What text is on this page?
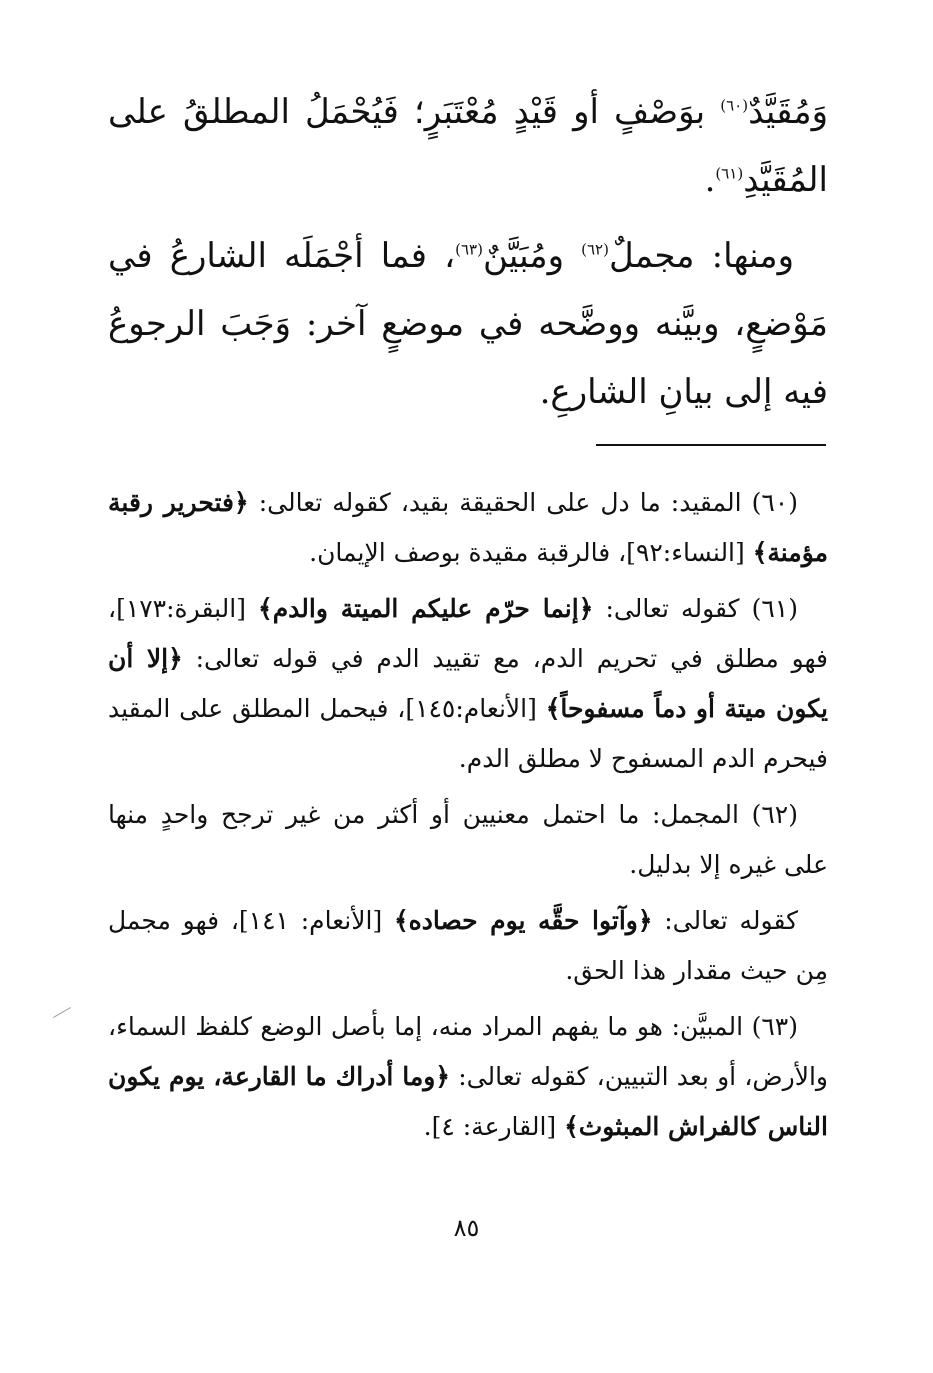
وَمُقَيَّدٌ$^{(٦٠)}$ بوَصْفٍ أو قَيْدٍ مُعْتَبَرٍ؛ فَيُحْمَلُ المطلقُ على المُقَيَّدِ$^{(٦١)}$.

ومنها: مجملٌ$^{(٦٢)}$ ومُبَيَّنٌ$^{(٦٣)}$، فما أجْمَلَه الشارعُ في مَوْضعٍ، وبيَّنه ووضَّحه في موضعٍ آخر: وَجَبَ الرجوعُ فيه إلى بيانِ الشارعِ.

(٦٠) المقيد: ما دل على الحقيقة بقيد، كقوله تعالى: ﴿فتحرير رقبة مؤمنة﴾ [النساء:٩٢]، فالرقبة مقيدة بوصف الإيمان.

(٦١) كقوله تعالى: ﴿إنما حرّم عليكم الميتة والدم﴾ [البقرة:١٧٣]، فهو مطلق في تحريم الدم، مع تقييد الدم في قوله تعالى: ﴿إلا أن يكون ميتة أو دماً مسفوحاً﴾ [الأنعام:١٤٥]، فيحمل المطلق على المقيد فيحرم الدم المسفوح لا مطلق الدم.

(٦٢) المجمل: ما احتمل معنيين أو أكثر من غير ترجح واحدٍ منها على غيره إلا بدليل.

كقوله تعالى: ﴿وآتوا حقَّه يوم حصاده﴾ [الأنعام: ١٤١]، فهو مجمل مِن حيث مقدار هذا الحق.

(٦٣) المبيَّن: هو ما يفهم المراد منه، إما بأصل الوضع كلفظ السماء، والأرض، أو بعد التبيين، كقوله تعالى: ﴿وما أدراك ما القارعة، يوم يكون الناس كالفراش المبثوث﴾ [القارعة: ٤].

٨٥
